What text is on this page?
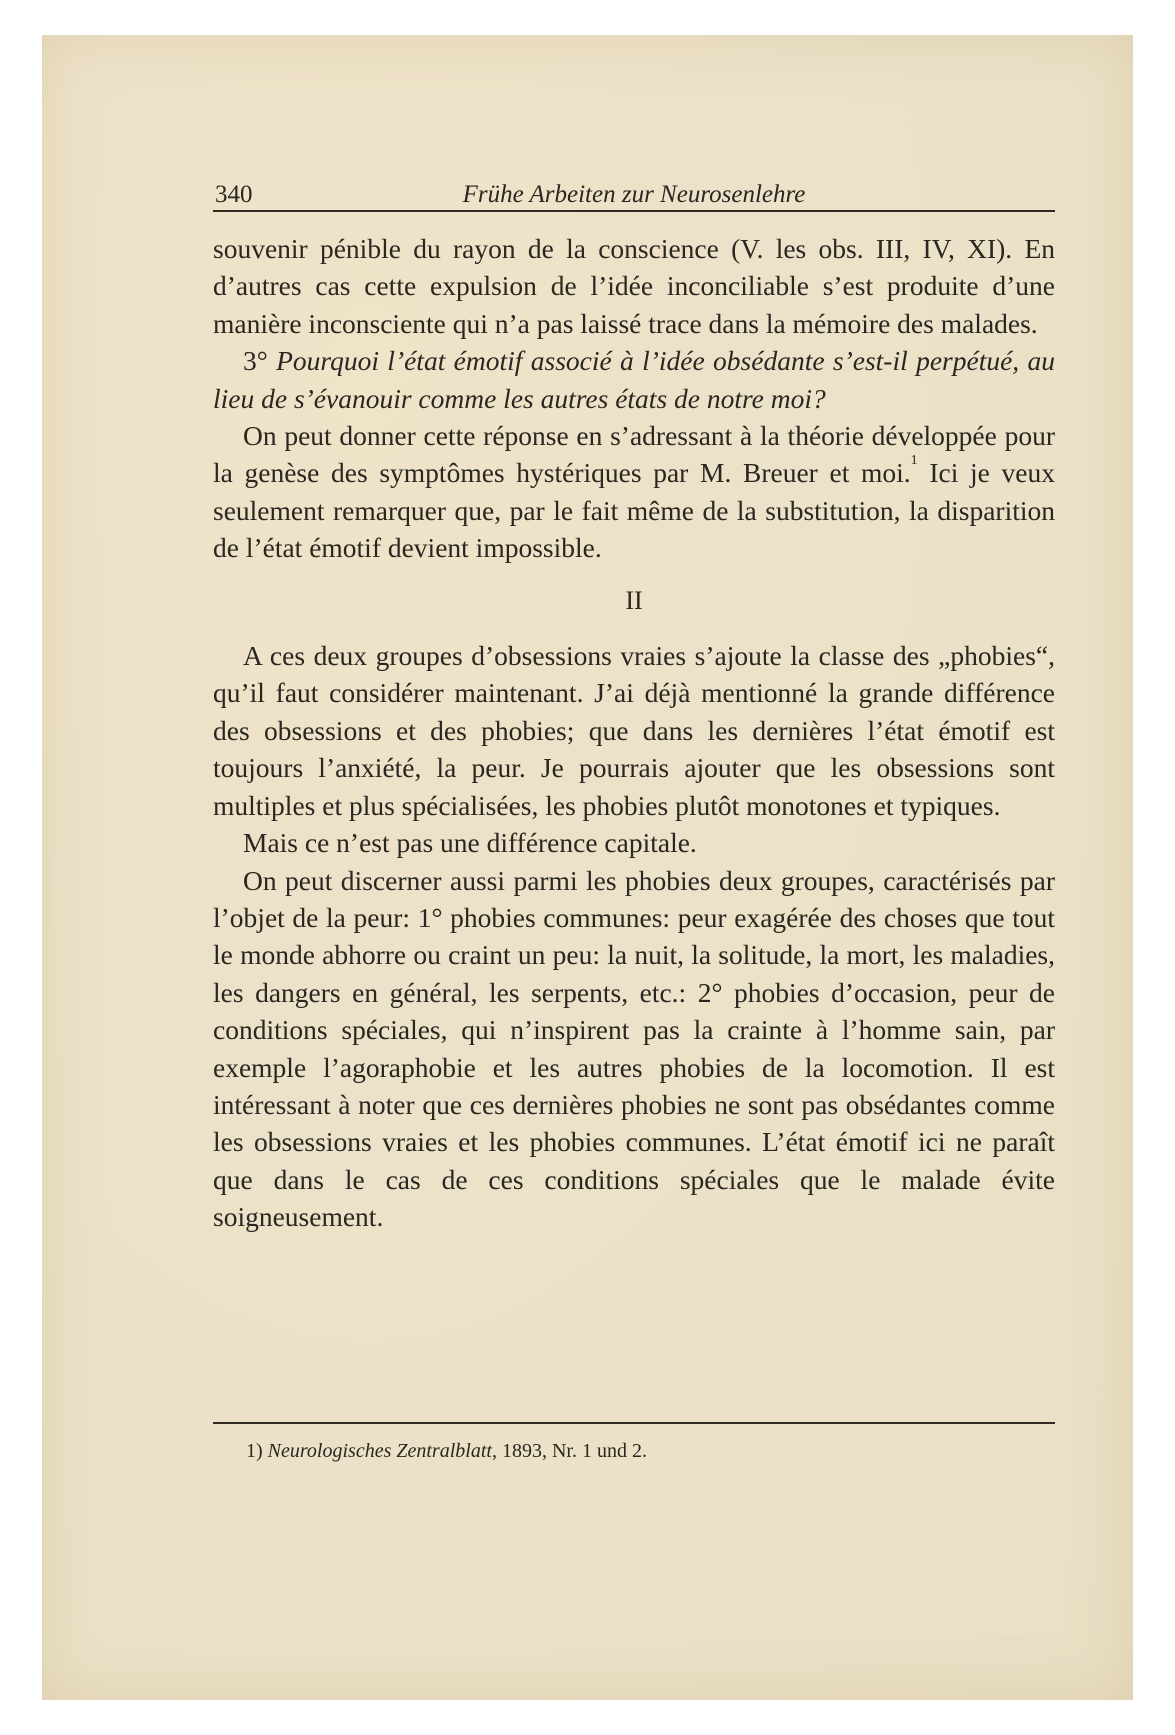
340	Frühe Arbeiten zur Neurosenlehre

souvenir pénible du rayon de la conscience (V. les obs. III, IV, XI). En d’autres cas cette expulsion de l’idée inconciliable s’est produite d’une manière inconsciente qui n’a pas laissé trace dans la mémoire des malades.

3° Pourquoi l’état émotif associé à l’idée obsédante s’est-il perpétué, au lieu de s’évanouir comme les autres états de notre moi?

On peut donner cette réponse en s’adressant à la théorie développée pour la genèse des symptômes hystériques par M. Breuer et moi.$^1$ Ici je veux seulement remarquer que, par le fait même de la substitution, la disparition de l’état émotif devient impossible.

II

A ces deux groupes d’obsessions vraies s’ajoute la classe des „phobies“, qu’il faut considérer maintenant. J’ai déjà mentionné la grande différence des obsessions et des phobies; que dans les dernières l’état émotif est toujours l’anxiété, la peur. Je pourrais ajouter que les obsessions sont multiples et plus spécialisées, les phobies plutôt monotones et typiques.

Mais ce n’est pas une différence capitale.

On peut discerner aussi parmi les phobies deux groupes, caractérisés par l’objet de la peur: 1° phobies communes: peur exagérée des choses que tout le monde abhorre ou craint un peu: la nuit, la solitude, la mort, les maladies, les dangers en général, les serpents, etc.: 2° phobies d’occasion, peur de conditions spéciales, qui n’inspirent pas la crainte à l’homme sain, par exemple l’agoraphobie et les autres phobies de la locomotion. Il est intéressant à noter que ces dernières phobies ne sont pas obsédantes comme les obsessions vraies et les phobies communes. L’état émotif ici ne paraît que dans le cas de ces conditions spéciales que le malade évite soigneusement.

1) Neurologisches Zentralblatt, 1893, Nr. 1 und 2.
